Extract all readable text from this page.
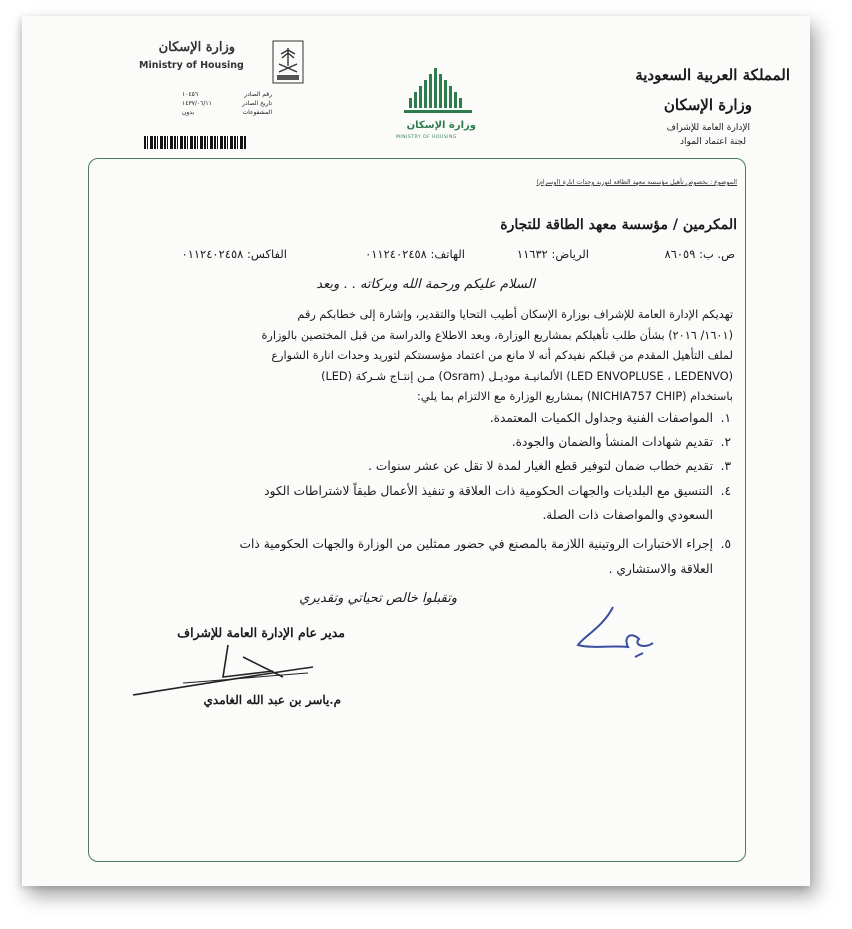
المملكة العربية السعودية
وزارة الإسكان
الإدارة العامة للإشراف
لجنة اعتماد المواد
وزارة الإسكان
MINISTRY OF HOUSING
وزارة الإسكان
Ministry of Housing
رقم الصادر
١٠٤٥٦
تاريخ الصادر
١٤٣٧/٠٦/١١
المشفوعات
بدون
الموضوع : بخصوص تأهيل مؤسسة معهد الطاقة لتوريد وحدات انارة (اوسرام)
المكرمين / مؤسسة معهد الطاقة للتجارة
ص. ب: ٨٦٠٥٩
الرياض: ١١٦٣٢
الهاتف: ٠١١٢٤٠٢٤٥٨
الفاكس: ٠١١٢٤٠٢٤٥٨
السلام عليكم ورحمة الله وبركاته . . وبعد
تهديكم الإدارة العامة للإشراف بوزارة الإسكان أطيب التحايا والتقدير، وإشارة إلى خطابكم رقم
(١٦٠١/ ٢٠١٦) بشأن طلب تأهيلكم بمشاريع الوزارة، وبعد الاطلاع والدراسة من قبل المختصين بالوزارة
لملف التأهيل المقدم من قبلكم نفيدكم أنه لا مانع من اعتماد مؤسستكم لتوريد وحدات انارة الشوارع
(LED) مـن إنتـاج شـركة (Osram) الألمانيـة موديـل (LED ENVOPLUSE ، LEDENVO)
باستخدام (NICHIA757 CHIP) بمشاريع الوزارة مع الالتزام بما يلي:
١.المواصفات الفنية وجداول الكميات المعتمدة.
٢.تقديم شهادات المنشأ والضمان والجودة.
٣.تقديم خطاب ضمان لتوفير قطع الغيار لمدة لا تقل عن عشر سنوات .
٤.التنسيق مع البلديات والجهات الحكومية ذات العلاقة و تنفيذ الأعمال طبقاً لاشتراطات الكود
السعودي والمواصفات ذات الصلة.
٥.إجراء الاختبارات الروتينية اللازمة بالمصنع في حضور ممثلين من الوزارة والجهات الحكومية ذات
العلاقة والاستشاري .
وتقبلوا خالص تحياتي وتقديري
مدير عام الإدارة العامة للإشراف
م.ياسر بن عبد الله الغامدي
